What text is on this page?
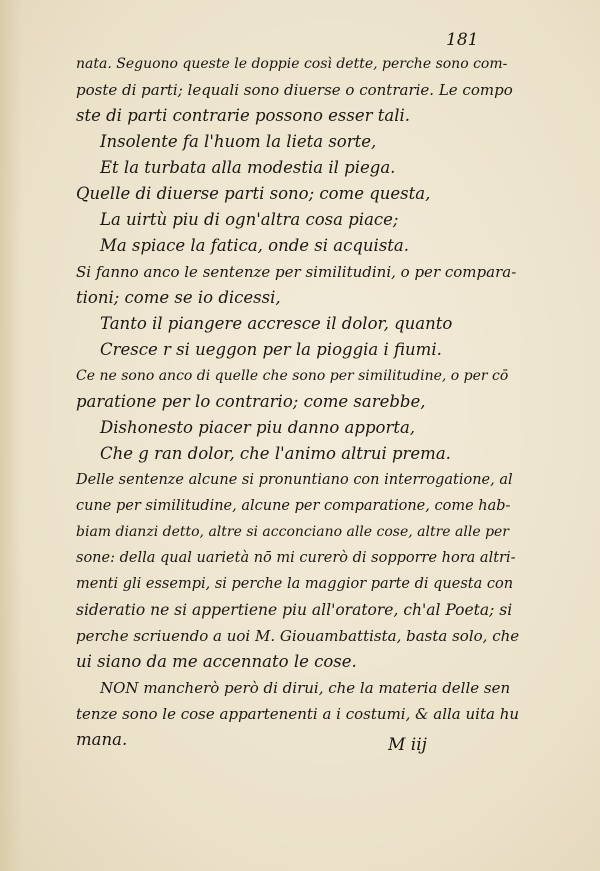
181
nata. Seguono queste le doppie così dette, perche sono com-
poste di parti; lequali sono diuerse o contrarie. Le compo
ste di parti contrarie possono esser tali.
Insolente fa l'huom la lieta sorte,
Et la turbata alla modestia il piega.
Quelle di diuerse parti sono; come questa,
La uirtù piu di ogn'altra cosa piace;
Ma spiace la fatica, onde si acquista.
Si fanno anco le sentenze per similitudini, o per compara-
tioni; come se io dicessi,
Tanto il piangere accresce il dolor, quanto
Cresce r si ueggon per la pioggia i fiumi.
Ce ne sono anco di quelle che sono per similitudine, o per cō
paratione per lo contrario; come sarebbe,
Dishonesto piacer piu danno apporta,
Che g ran dolor, che l'animo altrui prema.
Delle sentenze alcune si pronuntiano con interrogatione, al
cune per similitudine, alcune per comparatione, come hab-
biam dianzi detto, altre si acconciano alle cose, altre alle per
sone: della qual uarietà nō mi curerò di sopporre hora altri-
menti gli essempi, si perche la maggior parte di questa con
sideratio ne si appertiene piu all'oratore, ch'al Poeta; si
perche scriuendo a uoi M. Giouambattista, basta solo, che
ui siano da me accennato le cose.
NON mancherò però di dirui, che la materia delle sen
tenze sono le cose appartenenti a i costumi, & alla uita hu
mana.	M iij
